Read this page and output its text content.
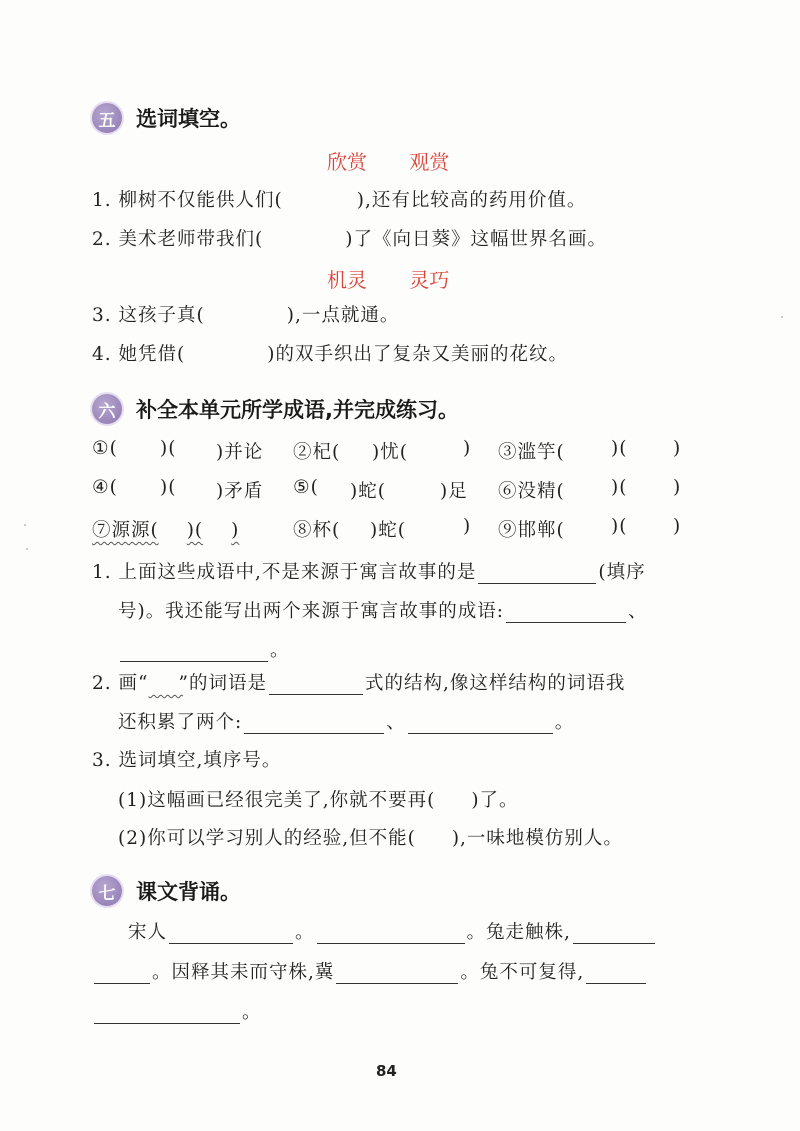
五 选词填空。
欣赏 观赏
1. 柳树不仅能供人们(	),还有比较高的药用价值。
2. 美术老师带我们(	)了《向日葵》这幅世界名画。
机灵 灵巧
3. 这孩子真(	),一点就通。
4. 她凭借(	)的双手织出了复杂又美丽的花纹。
六 补全本单元所学成语,并完成练习。
①( )( )并论 ②杞( )忧(	) ③滥竽(	)( )
④( )( )矛盾 ⑤( )蛇(	)足 ⑥没精(	)( )
⑦源源( )( )	⑧杯( )蛇(	) ⑨邯郸(	)( )
1. 上面这些成语中,不是来源于寓言故事的是	(填序
号)。我还能写出两个来源于寓言故事的成语:	、
。
2. 画“​     ”的词语是	式的结构,像这样结构的词语我
还积累了两个:	、	。
3. 选词填空,填序号。
(1)这幅画已经很完美了,你就不要再( )了。
(2)你可以学习别人的经验,但不能( ),一味地模仿别人。
七 课文背诵。
宋人	。	。兔走触株,
。因释其耒而守株,冀	。兔不可复得,
。
84
